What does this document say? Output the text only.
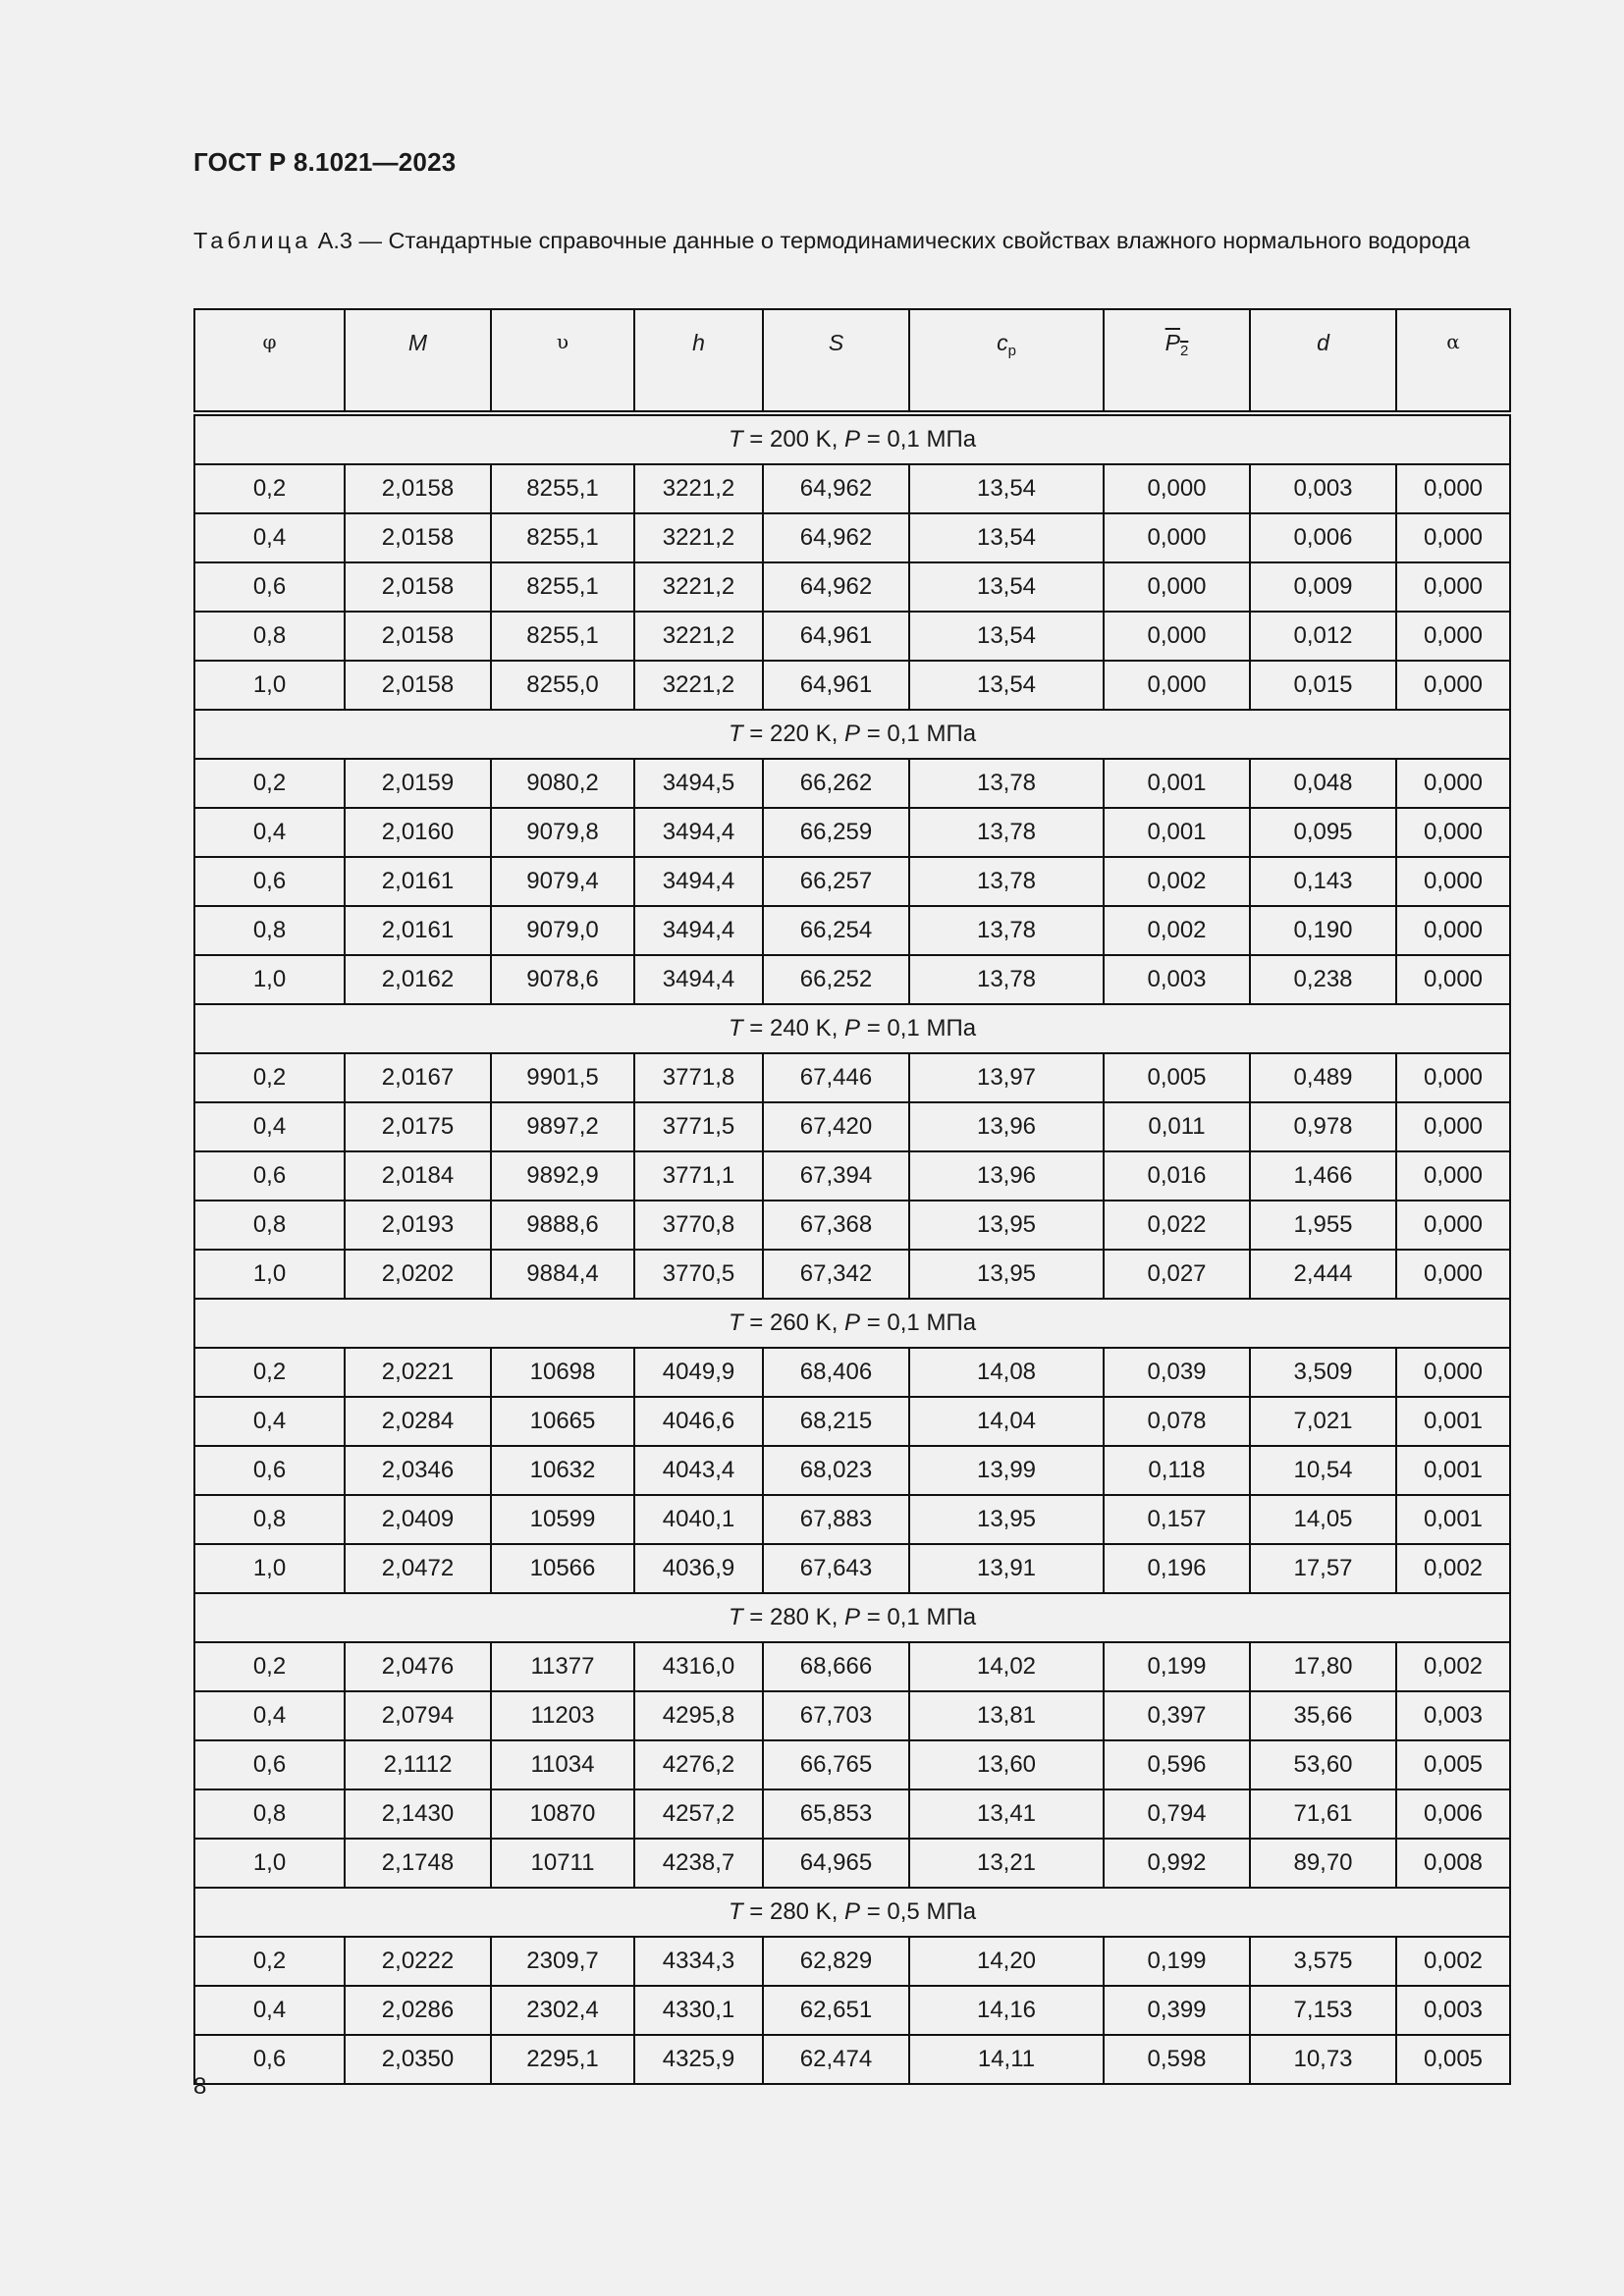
ГОСТ Р 8.1021—2023
Таблица А.3 — Стандартные справочные данные о термодинамических свойствах влажного нормального водорода
φ	M	υ	h	S	$c_p$	$P_2$	d	α
T = 200 K, P = 0,1 МПа								
0,2	2,0158	8255,1	3221,2	64,962	13,54	0,000	0,003	0,000
0,4	2,0158	8255,1	3221,2	64,962	13,54	0,000	0,006	0,000
0,6	2,0158	8255,1	3221,2	64,962	13,54	0,000	0,009	0,000
0,8	2,0158	8255,1	3221,2	64,961	13,54	0,000	0,012	0,000
1,0	2,0158	8255,0	3221,2	64,961	13,54	0,000	0,015	0,000
T = 220 K, P = 0,1 МПа								
0,2	2,0159	9080,2	3494,5	66,262	13,78	0,001	0,048	0,000
0,4	2,0160	9079,8	3494,4	66,259	13,78	0,001	0,095	0,000
0,6	2,0161	9079,4	3494,4	66,257	13,78	0,002	0,143	0,000
0,8	2,0161	9079,0	3494,4	66,254	13,78	0,002	0,190	0,000
1,0	2,0162	9078,6	3494,4	66,252	13,78	0,003	0,238	0,000
T = 240 K, P = 0,1 МПа								
0,2	2,0167	9901,5	3771,8	67,446	13,97	0,005	0,489	0,000
0,4	2,0175	9897,2	3771,5	67,420	13,96	0,011	0,978	0,000
0,6	2,0184	9892,9	3771,1	67,394	13,96	0,016	1,466	0,000
0,8	2,0193	9888,6	3770,8	67,368	13,95	0,022	1,955	0,000
1,0	2,0202	9884,4	3770,5	67,342	13,95	0,027	2,444	0,000
T = 260 K, P = 0,1 МПа								
0,2	2,0221	10698	4049,9	68,406	14,08	0,039	3,509	0,000
0,4	2,0284	10665	4046,6	68,215	14,04	0,078	7,021	0,001
0,6	2,0346	10632	4043,4	68,023	13,99	0,118	10,54	0,001
0,8	2,0409	10599	4040,1	67,883	13,95	0,157	14,05	0,001
1,0	2,0472	10566	4036,9	67,643	13,91	0,196	17,57	0,002
T = 280 K, P = 0,1 МПа								
0,2	2,0476	11377	4316,0	68,666	14,02	0,199	17,80	0,002
0,4	2,0794	11203	4295,8	67,703	13,81	0,397	35,66	0,003
0,6	2,1112	11034	4276,2	66,765	13,60	0,596	53,60	0,005
0,8	2,1430	10870	4257,2	65,853	13,41	0,794	71,61	0,006
1,0	2,1748	10711	4238,7	64,965	13,21	0,992	89,70	0,008
T = 280 K, P = 0,5 МПа								
0,2	2,0222	2309,7	4334,3	62,829	14,20	0,199	3,575	0,002
0,4	2,0286	2302,4	4330,1	62,651	14,16	0,399	7,153	0,003
0,6	2,0350	2295,1	4325,9	62,474	14,11	0,598	10,73	0,005
8
